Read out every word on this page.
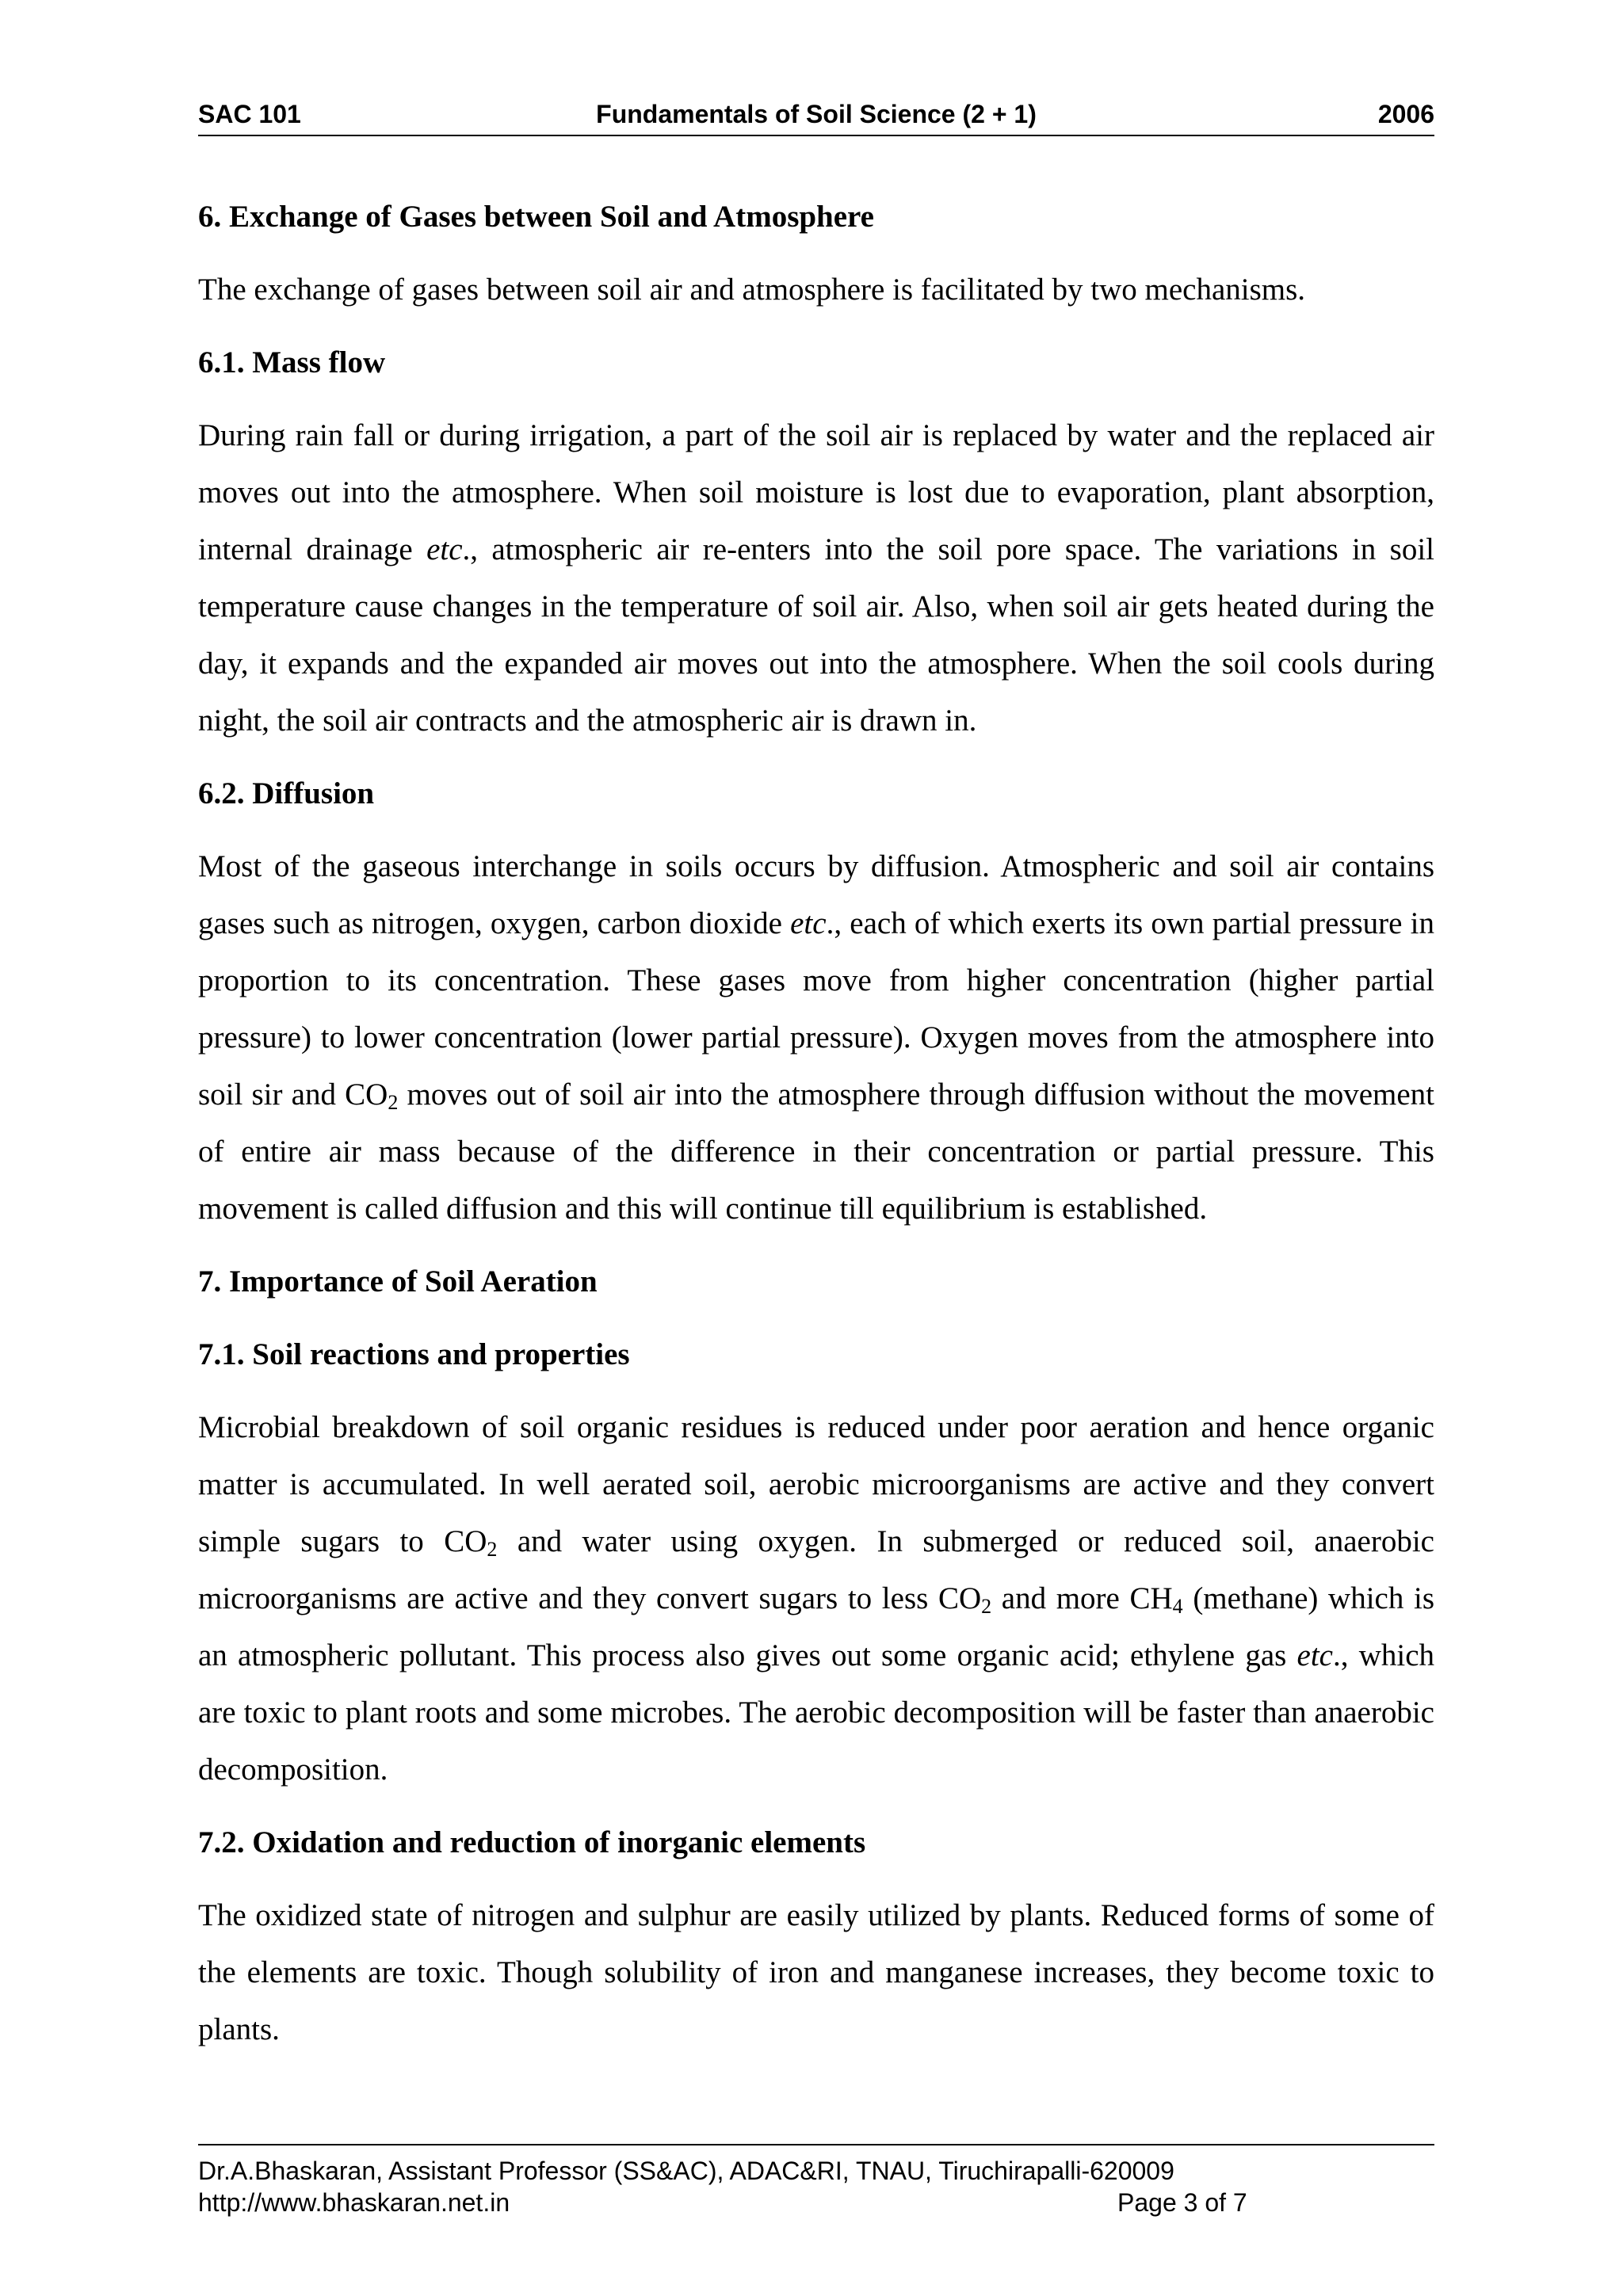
SAC 101	Fundamentals of Soil Science (2 + 1)	2006
6. Exchange of Gases between Soil and Atmosphere

The exchange of gases between soil air and atmosphere is facilitated by two mechanisms.

6.1. Mass flow

During rain fall or during irrigation, a part of the soil air is replaced by water and the replaced air moves out into the atmosphere. When soil moisture is lost due to evaporation, plant absorption, internal drainage etc., atmospheric air re-enters into the soil pore space. The variations in soil temperature cause changes in the temperature of soil air. Also, when soil air gets heated during the day, it expands and the expanded air moves out into the atmosphere. When the soil cools during night, the soil air contracts and the atmospheric air is drawn in.

6.2. Diffusion

Most of the gaseous interchange in soils occurs by diffusion. Atmospheric and soil air contains gases such as nitrogen, oxygen, carbon dioxide etc., each of which exerts its own partial pressure in proportion to its concentration. These gases move from higher concentration (higher partial pressure) to lower concentration (lower partial pressure). Oxygen moves from the atmosphere into soil sir and $CO_2$ moves out of soil air into the atmosphere through diffusion without the movement of entire air mass because of the difference in their concentration or partial pressure. This movement is called diffusion and this will continue till equilibrium is established.

7. Importance of Soil Aeration
7.1. Soil reactions and properties

Microbial breakdown of soil organic residues is reduced under poor aeration and hence organic matter is accumulated. In well aerated soil, aerobic microorganisms are active and they convert simple sugars to $CO_2$ and water using oxygen. In submerged or reduced soil, anaerobic microorganisms are active and they convert sugars to less $CO_2$ and more $CH_4$ (methane) which is an atmospheric pollutant. This process also gives out some organic acid; ethylene gas etc., which are toxic to plant roots and some microbes. The aerobic decomposition will be faster than anaerobic decomposition.

7.2. Oxidation and reduction of inorganic elements

The oxidized state of nitrogen and sulphur are easily utilized by plants. Reduced forms of some of the elements are toxic. Though solubility of iron and manganese increases, they become toxic to plants.

Dr.A.Bhaskaran, Assistant Professor (SS&AC), ADAC&RI, TNAU, Tiruchirapalli-620009
http://www.bhaskaran.net.in	Page 3 of 7
